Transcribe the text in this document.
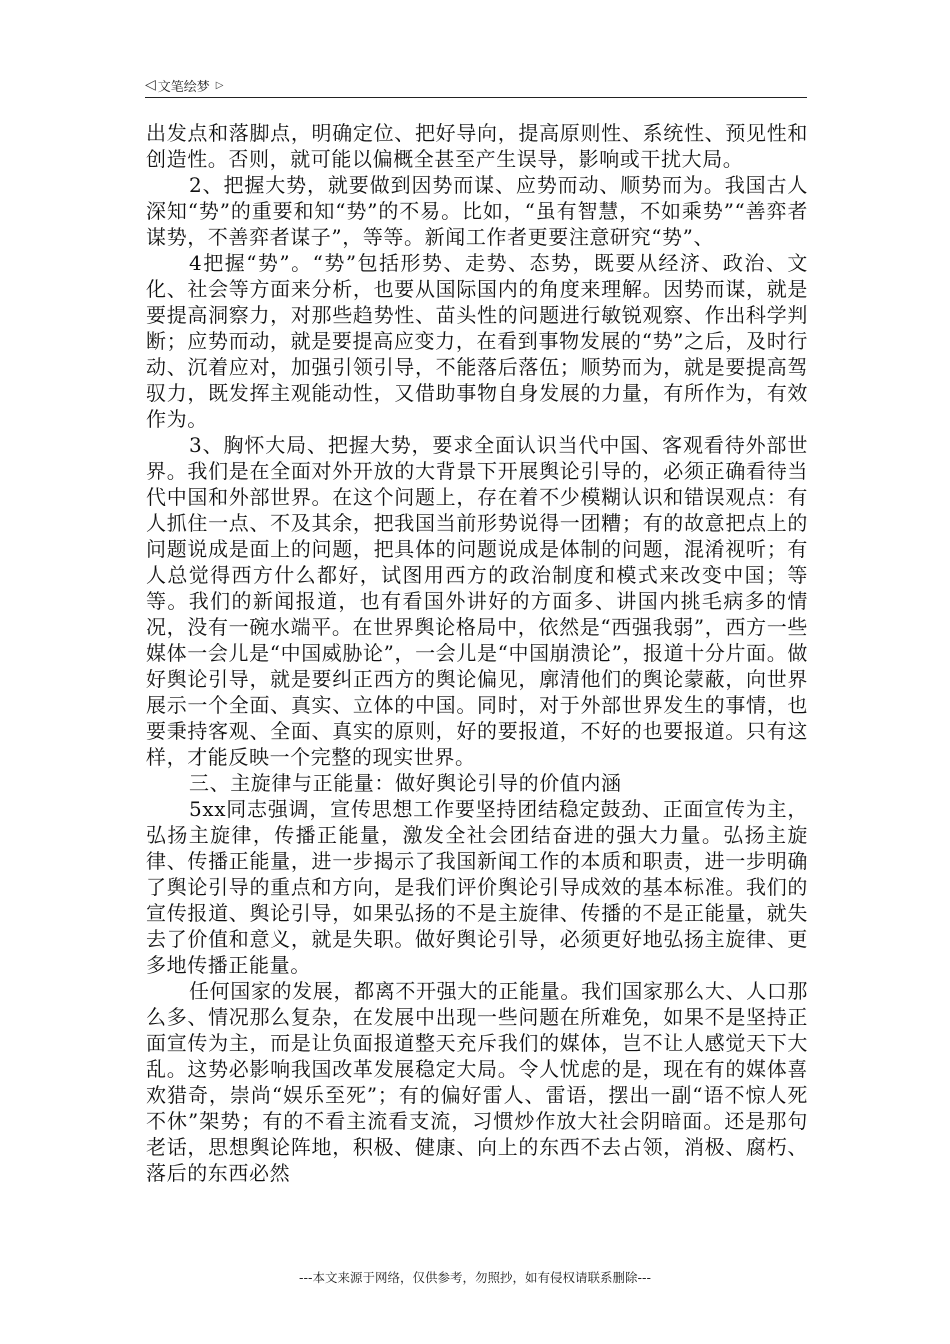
◁ 文笔绘梦 ▷

出发点和落脚点，明确定位、把好导向，提高原则性、系统性、预见性和创造性。否则，就可能以偏概全甚至产生误导，影响或干扰大局。

2、把握大势，就要做到因势而谋、应势而动、顺势而为。我国古人深知“势”的重要和知“势”的不易。比如，“虽有智慧，不如乘势”“善弈者谋势，不善弈者谋子”，等等。新闻工作者更要注意研究“势”、

4把握“势”。“势”包括形势、走势、态势，既要从经济、政治、文化、社会等方面来分析，也要从国际国内的角度来理解。因势而谋，就是要提高洞察力，对那些趋势性、苗头性的问题进行敏锐观察、作出科学判断；应势而动，就是要提高应变力，在看到事物发展的“势”之后，及时行动、沉着应对，加强引领引导，不能落后落伍；顺势而为，就是要提高驾驭力，既发挥主观能动性，又借助事物自身发展的力量，有所作为，有效作为。

3、胸怀大局、把握大势，要求全面认识当代中国、客观看待外部世界。我们是在全面对外开放的大背景下开展舆论引导的，必须正确看待当代中国和外部世界。在这个问题上，存在着不少模糊认识和错误观点：有人抓住一点、不及其余，把我国当前形势说得一团糟；有的故意把点上的问题说成是面上的问题，把具体的问题说成是体制的问题，混淆视听；有人总觉得西方什么都好，试图用西方的政治制度和模式来改变中国；等等。我们的新闻报道，也有看国外讲好的方面多、讲国内挑毛病多的情况，没有一碗水端平。在世界舆论格局中，依然是“西强我弱”，西方一些媒体一会儿是“中国威胁论”，一会儿是“中国崩溃论”，报道十分片面。做好舆论引导，就是要纠正西方的舆论偏见，廓清他们的舆论蒙蔽，向世界展示一个全面、真实、立体的中国。同时，对于外部世界发生的事情，也要秉持客观、全面、真实的原则，好的要报道，不好的也要报道。只有这样，才能反映一个完整的现实世界。

三、主旋律与正能量：做好舆论引导的价值内涵

5xx同志强调，宣传思想工作要坚持团结稳定鼓劲、正面宣传为主，弘扬主旋律，传播正能量，激发全社会团结奋进的强大力量。弘扬主旋律、传播正能量，进一步揭示了我国新闻工作的本质和职责，进一步明确了舆论引导的重点和方向，是我们评价舆论引导成效的基本标准。我们的宣传报道、舆论引导，如果弘扬的不是主旋律、传播的不是正能量，就失去了价值和意义，就是失职。做好舆论引导，必须更好地弘扬主旋律、更多地传播正能量。

任何国家的发展，都离不开强大的正能量。我们国家那么大、人口那么多、情况那么复杂，在发展中出现一些问题在所难免，如果不是坚持正面宣传为主，而是让负面报道整天充斥我们的媒体，岂不让人感觉天下大乱。这势必影响我国改革发展稳定大局。令人忧虑的是，现在有的媒体喜欢猎奇，崇尚“娱乐至死”；有的偏好雷人、雷语，摆出一副“语不惊人死不休”架势；有的不看主流看支流，习惯炒作放大社会阴暗面。还是那句老话，思想舆论阵地，积极、健康、向上的东西不去占领，消极、腐朽、落后的东西必然

---本文来源于网络，仅供参考，勿照抄，如有侵权请联系删除---
